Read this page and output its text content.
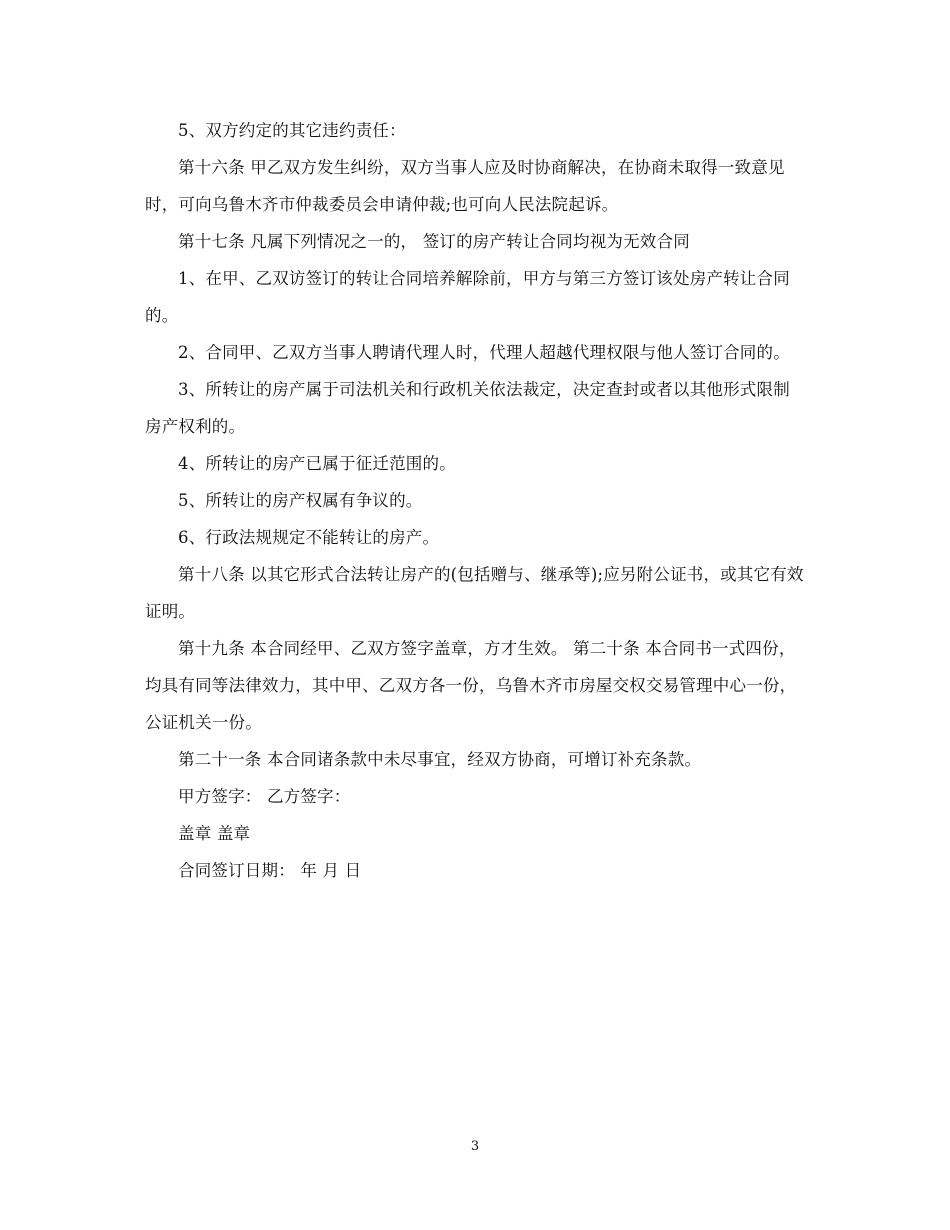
5、双方约定的其它违约责任：

第十六条 甲乙双方发生纠纷，双方当事人应及时协商解决，在协商未取得一致意见时，可向乌鲁木齐市仲裁委员会申请仲裁;也可向人民法院起诉。

第十七条 凡属下列情况之一的， 签订的房产转让合同均视为无效合同

1、在甲、乙双访签订的转让合同培养解除前，甲方与第三方签订该处房产转让合同的。

2、合同甲、乙双方当事人聘请代理人时，代理人超越代理权限与他人签订合同的。

3、所转让的房产属于司法机关和行政机关依法裁定，决定查封或者以其他形式限制房产权利的。

4、所转让的房产已属于征迁范围的。

5、所转让的房产权属有争议的。

6、行政法规规定不能转让的房产。

第十八条 以其它形式合法转让房产的(包括赠与、继承等);应另附公证书，或其它有效证明。

第十九条 本合同经甲、乙双方签字盖章，方才生效。 第二十条 本合同书一式四份，均具有同等法律效力，其中甲、乙双方各一份，乌鲁木齐市房屋交权交易管理中心一份，公证机关一份。

第二十一条 本合同诸条款中未尽事宜，经双方协商，可增订补充条款。

甲方签字： 乙方签字：

盖章 盖章

合同签订日期： 年 月 日

3
